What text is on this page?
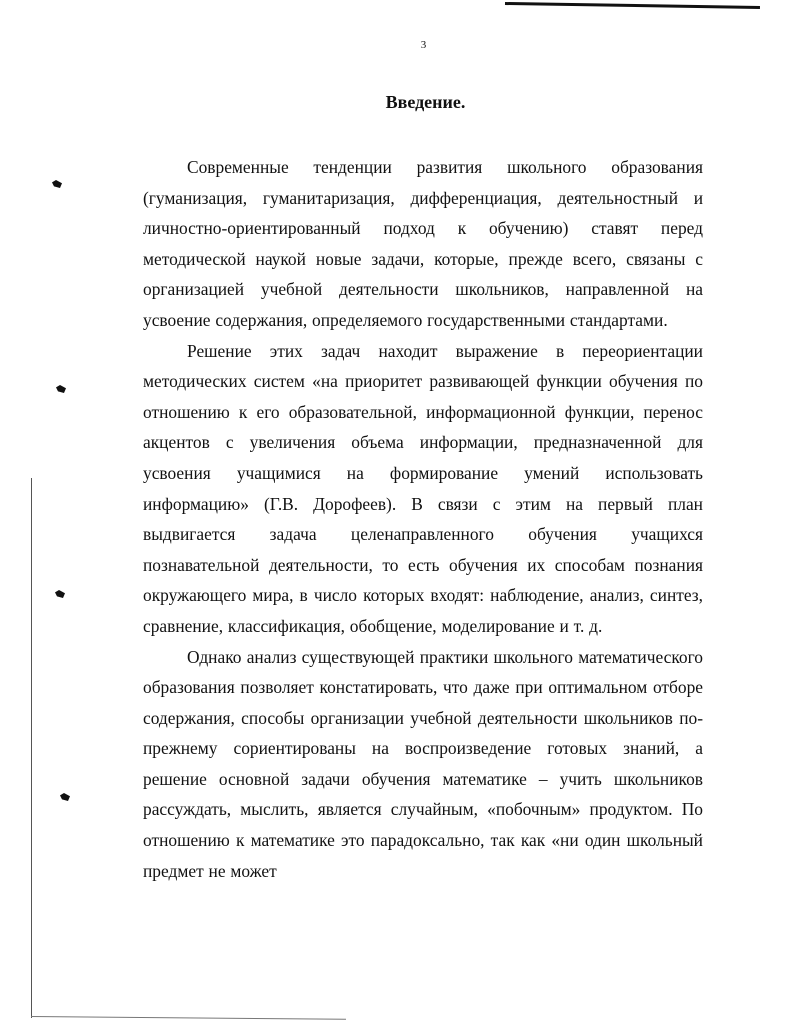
3
Введение.

Современные тенденции развития школьного образования (гуманизация, гуманитаризация, дифференциация, деятельностный и личностно-ориентированный подход к обучению) ставят перед методической наукой новые задачи, которые, прежде всего, связаны с организацией учебной деятельности школьников, направленной на усвоение содержания, определяемого государственными стандартами.

Решение этих задач находит выражение в переориентации методических систем «на приоритет развивающей функции обучения по отношению к его образовательной, информационной функции, перенос акцентов с увеличения объема информации, предназначенной для усвоения учащимися на формирование умений использовать информацию» (Г.В. Дорофеев). В связи с этим на первый план выдвигается задача целенаправленного обучения учащихся познавательной деятельности, то есть обучения их способам познания окружающего мира, в число которых входят: наблюдение, анализ, синтез, сравнение, классификация, обобщение, моделирование и т. д.

Однако анализ существующей практики школьного математического образования позволяет констатировать, что даже при оптимальном отборе содержания, способы организации учебной деятельности школьников по-прежнему сориентированы на воспроизведение готовых знаний, а решение основной задачи обучения математике – учить школьников рассуждать, мыслить, является случайным, «побочным» продуктом. По отношению к математике это парадоксально, так как «ни один школьный предмет не может
